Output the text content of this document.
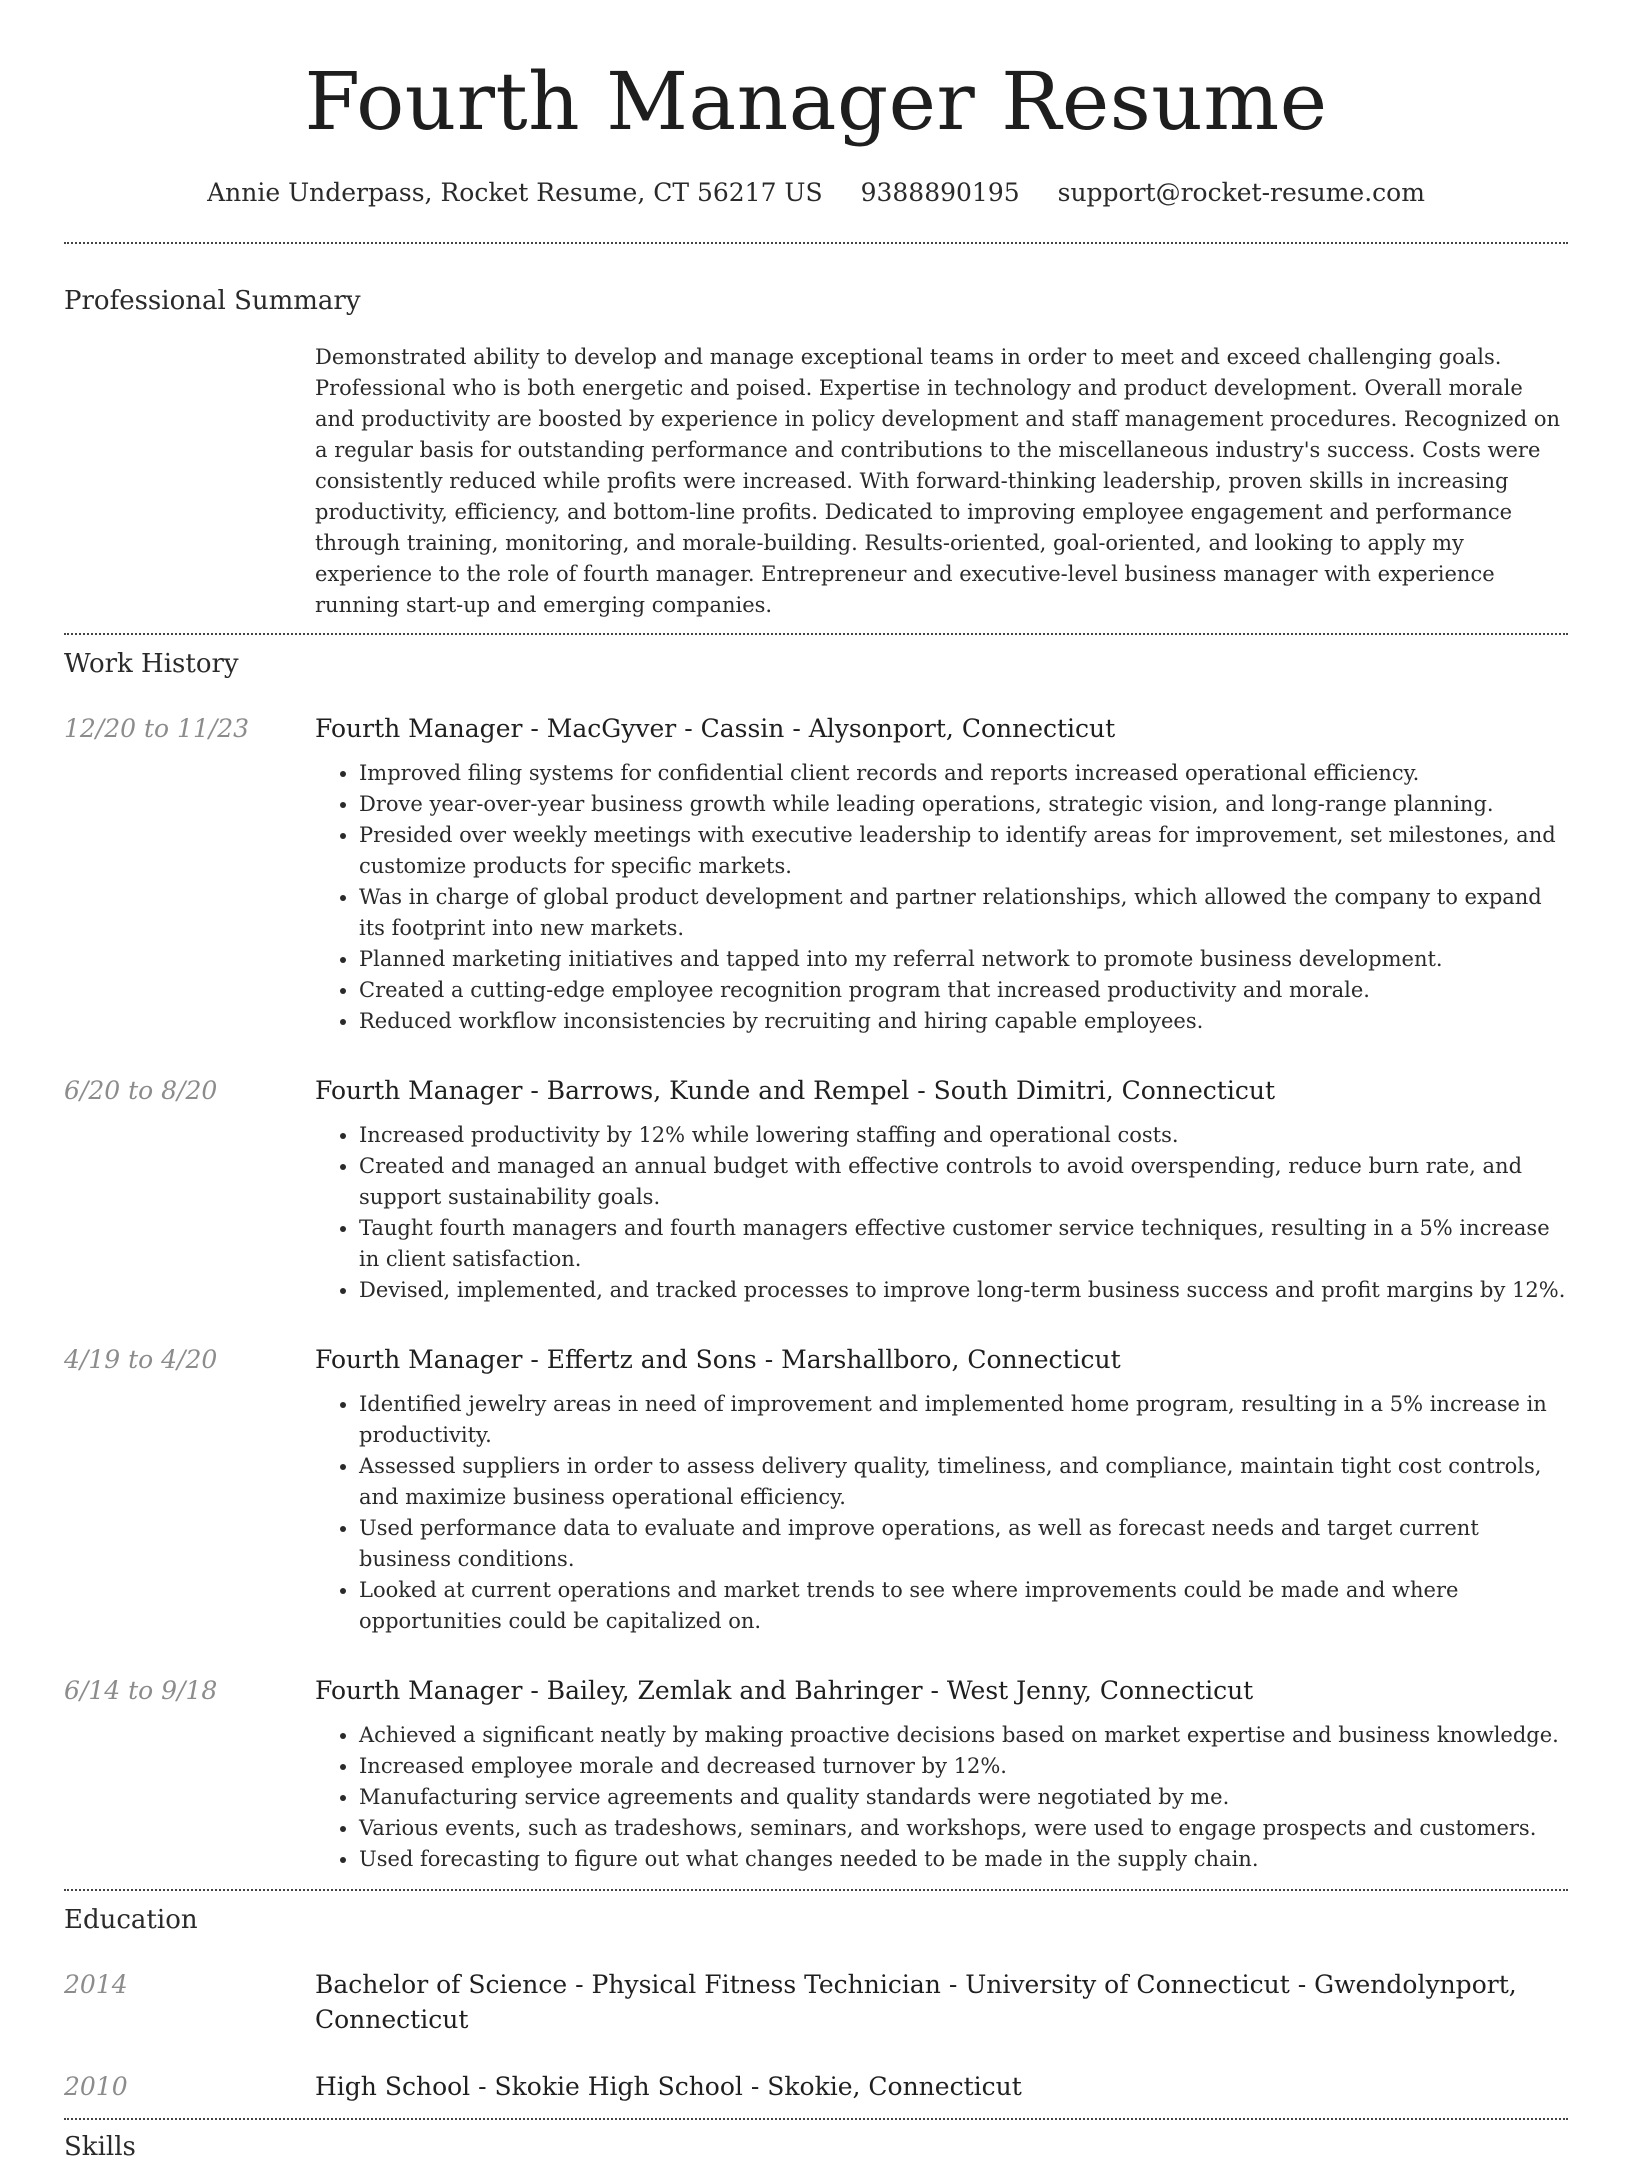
Fourth Manager Resume
Annie Underpass, Rocket Resume, CT 56217 US 9388890195 support@rocket-resume.com
Professional Summary
Demonstrated ability to develop and manage exceptional teams in order to meet and exceed challenging goals. Professional who is both energetic and poised. Expertise in technology and product development. Overall morale and productivity are boosted by experience in policy development and staff management procedures. Recognized on a regular basis for outstanding performance and contributions to the miscellaneous industry's success. Costs were consistently reduced while profits were increased. With forward-thinking leadership, proven skills in increasing productivity, efficiency, and bottom-line profits. Dedicated to improving employee engagement and performance through training, monitoring, and morale-building. Results-oriented, goal-oriented, and looking to apply my experience to the role of fourth manager. Entrepreneur and executive-level business manager with experience running start-up and emerging companies.
Work History
12/20 to 11/23	Fourth Manager - MacGyver - Cassin - Alysonport, Connecticut
• Improved filing systems for confidential client records and reports increased operational efficiency.
• Drove year-over-year business growth while leading operations, strategic vision, and long-range planning.
• Presided over weekly meetings with executive leadership to identify areas for improvement, set milestones, and customize products for specific markets.
• Was in charge of global product development and partner relationships, which allowed the company to expand its footprint into new markets.
• Planned marketing initiatives and tapped into my referral network to promote business development.
• Created a cutting-edge employee recognition program that increased productivity and morale.
• Reduced workflow inconsistencies by recruiting and hiring capable employees.
6/20 to 8/20	Fourth Manager - Barrows, Kunde and Rempel - South Dimitri, Connecticut
• Increased productivity by 12% while lowering staffing and operational costs.
• Created and managed an annual budget with effective controls to avoid overspending, reduce burn rate, and support sustainability goals.
• Taught fourth managers and fourth managers effective customer service techniques, resulting in a 5% increase in client satisfaction.
• Devised, implemented, and tracked processes to improve long-term business success and profit margins by 12%.
4/19 to 4/20	Fourth Manager - Effertz and Sons - Marshallboro, Connecticut
• Identified jewelry areas in need of improvement and implemented home program, resulting in a 5% increase in productivity.
• Assessed suppliers in order to assess delivery quality, timeliness, and compliance, maintain tight cost controls, and maximize business operational efficiency.
• Used performance data to evaluate and improve operations, as well as forecast needs and target current business conditions.
• Looked at current operations and market trends to see where improvements could be made and where opportunities could be capitalized on.
6/14 to 9/18	Fourth Manager - Bailey, Zemlak and Bahringer - West Jenny, Connecticut
• Achieved a significant neatly by making proactive decisions based on market expertise and business knowledge.
• Increased employee morale and decreased turnover by 12%.
• Manufacturing service agreements and quality standards were negotiated by me.
• Various events, such as tradeshows, seminars, and workshops, were used to engage prospects and customers.
• Used forecasting to figure out what changes needed to be made in the supply chain.
Education
2014	Bachelor of Science - Physical Fitness Technician - University of Connecticut - Gwendolynport, Connecticut
2010	High School - Skokie High School - Skokie, Connecticut
Skills
